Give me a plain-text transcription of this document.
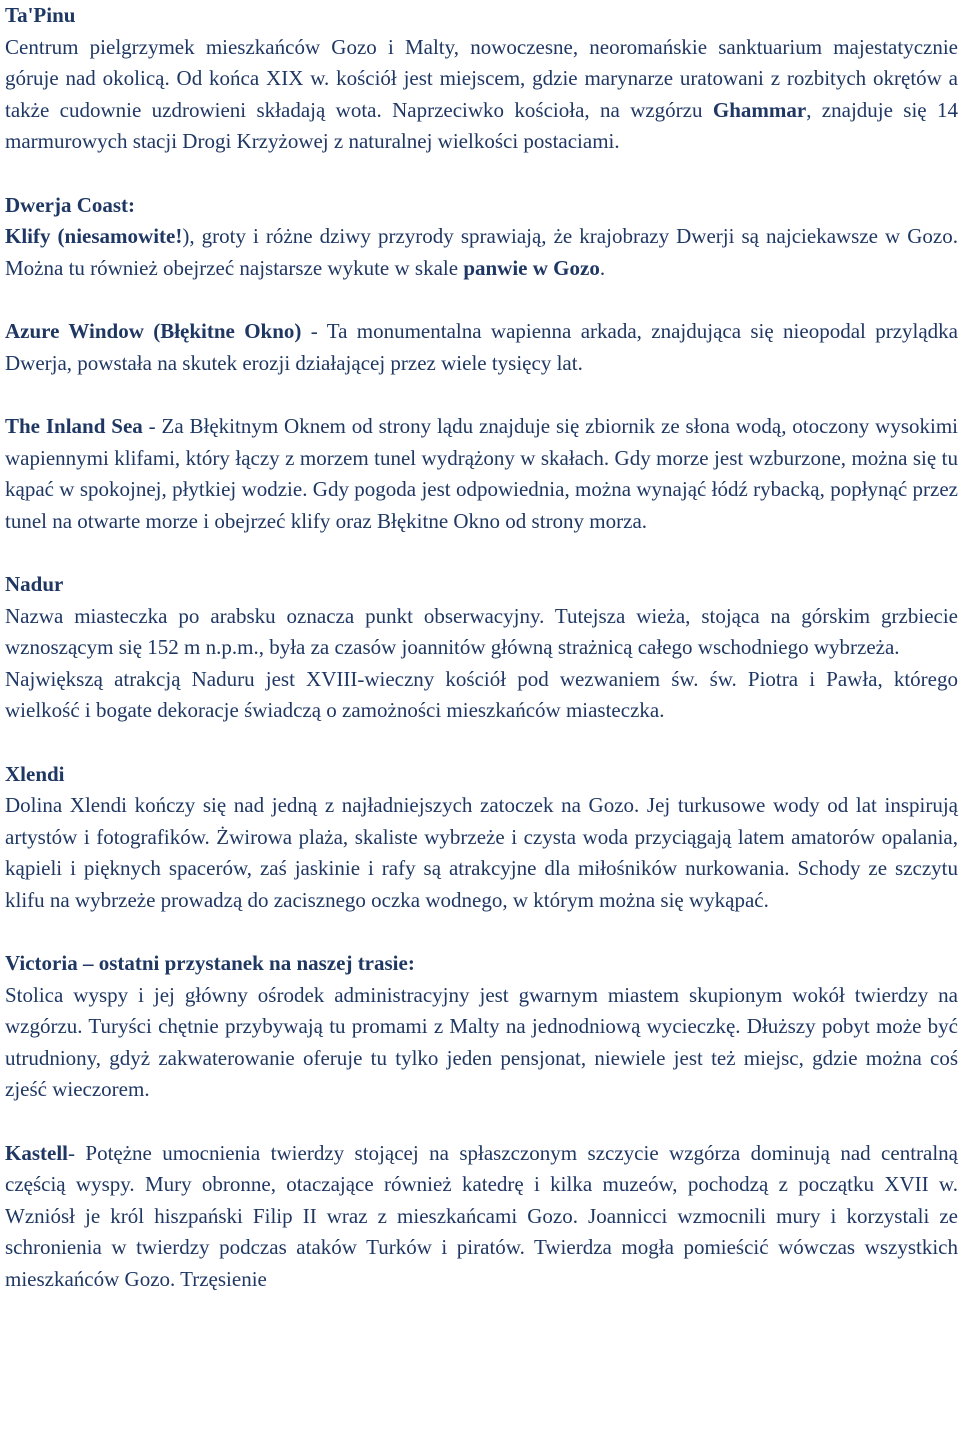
Ta'Pinu

Centrum pielgrzymek mieszkańców Gozo i Malty, nowoczesne, neoromańskie sanktuarium majestatycznie góruje nad okolicą. Od końca XIX w. kościół jest miejscem, gdzie marynarze uratowani z rozbitych okrętów a także cudownie uzdrowieni składają wota. Naprzeciwko kościoła, na wzgórzu Ghammar, znajduje się 14 marmurowych stacji Drogi Krzyżowej z naturalnej wielkości postaciami.

Dwerja Coast:

Klify (niesamowite!), groty i różne dziwy przyrody sprawiają, że krajobrazy Dwerji są najciekawsze w Gozo. Można tu również obejrzeć najstarsze wykute w skale panwie w Gozo.

Azure Window (Błękitne Okno) - Ta monumentalna wapienna arkada, znajdująca się nieopodal przylądka Dwerja, powstała na skutek erozji działającej przez wiele tysięcy lat.

The Inland Sea - Za Błękitnym Oknem od strony lądu znajduje się zbiornik ze słona wodą, otoczony wysokimi wapiennymi klifami, który łączy z morzem tunel wydrążony w skałach. Gdy morze jest wzburzone, można się tu kąpać w spokojnej, płytkiej wodzie. Gdy pogoda jest odpowiednia, można wynająć łódź rybacką, popłynąć przez tunel na otwarte morze i obejrzeć klify oraz Błękitne Okno od strony morza.

Nadur

Nazwa miasteczka po arabsku oznacza punkt obserwacyjny. Tutejsza wieża, stojąca na górskim grzbiecie wznoszącym się 152 m n.p.m., była za czasów joannitów główną strażnicą całego wschodniego wybrzeża.

Największą atrakcją Naduru jest XVIII-wieczny kościół pod wezwaniem św. św. Piotra i Pawła, którego wielkość i bogate dekoracje świadczą o zamożności mieszkańców miasteczka.

Xlendi

Dolina Xlendi kończy się nad jedną z najładniejszych zatoczek na Gozo. Jej turkusowe wody od lat inspirują artystów i fotografików. Żwirowa plaża, skaliste wybrzeże i czysta woda przyciągają latem amatorów opalania, kąpieli i pięknych spacerów, zaś jaskinie i rafy są atrakcyjne dla miłośników nurkowania. Schody ze szczytu klifu na wybrzeże prowadzą do zacisznego oczka wodnego, w którym można się wykąpać.

Victoria – ostatni przystanek na naszej trasie:

Stolica wyspy i jej główny ośrodek administracyjny jest gwarnym miastem skupionym wokół twierdzy na wzgórzu. Turyści chętnie przybywają tu promami z Malty na jednodniową wycieczkę. Dłuższy pobyt może być utrudniony, gdyż zakwaterowanie oferuje tu tylko jeden pensjonat, niewiele jest też miejsc, gdzie można coś zjeść wieczorem.

Kastell- Potężne umocnienia twierdzy stojącej na spłaszczonym szczycie wzgórza dominują nad centralną częścią wyspy. Mury obronne, otaczające również katedrę i kilka muzeów, pochodzą z początku XVII w. Wzniósł je król hiszpański Filip II wraz z mieszkańcami Gozo. Joannicci wzmocnili mury i korzystali ze schronienia w twierdzy podczas ataków Turków i piratów. Twierdza mogła pomieścić wówczas wszystkich mieszkańców Gozo. Trzęsienie
